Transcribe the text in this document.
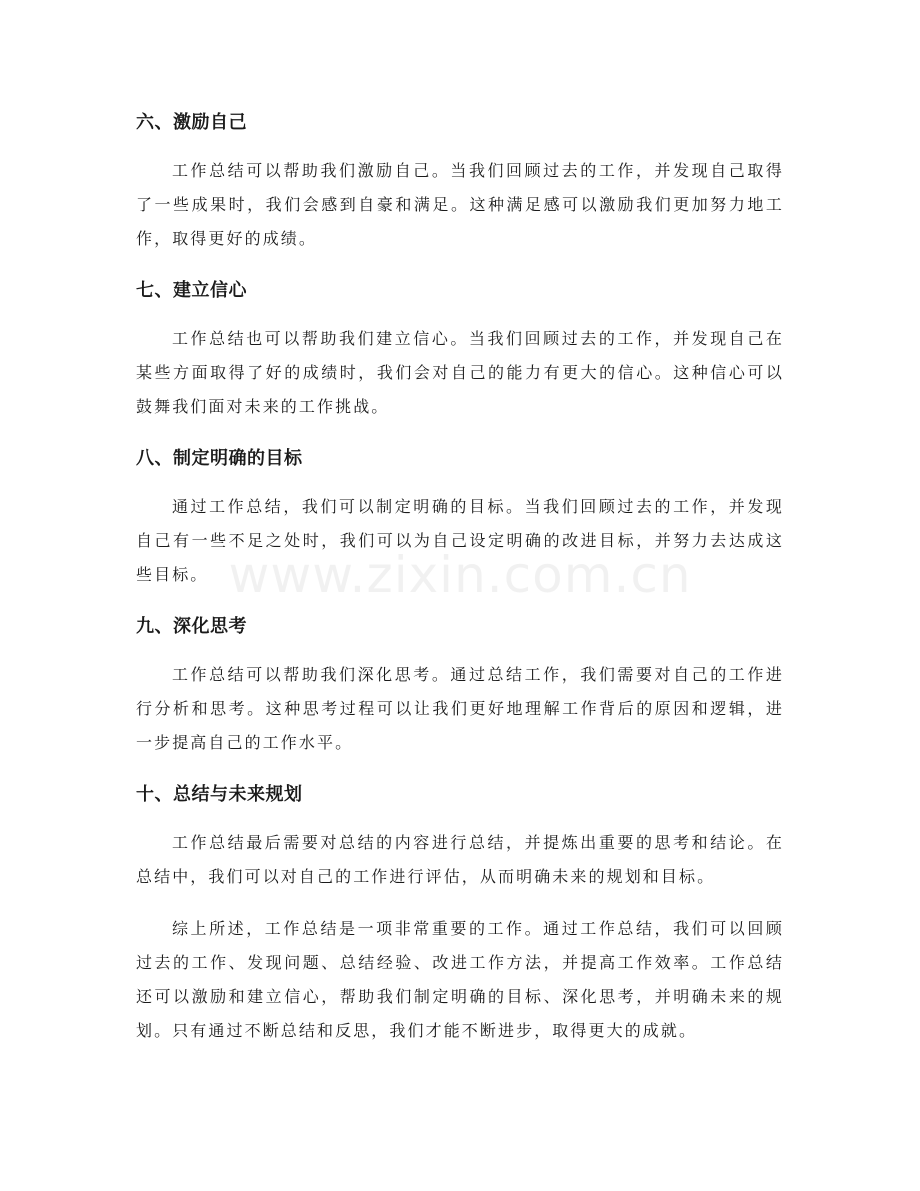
www.zixin.com.cn
六、激励自己

工作总结可以帮助我们激励自己。当我们回顾过去的工作，并发现自己取得了一些成果时，我们会感到自豪和满足。这种满足感可以激励我们更加努力地工作，取得更好的成绩。

七、建立信心

工作总结也可以帮助我们建立信心。当我们回顾过去的工作，并发现自己在某些方面取得了好的成绩时，我们会对自己的能力有更大的信心。这种信心可以鼓舞我们面对未来的工作挑战。

八、制定明确的目标

通过工作总结，我们可以制定明确的目标。当我们回顾过去的工作，并发现自己有一些不足之处时，我们可以为自己设定明确的改进目标，并努力去达成这些目标。

九、深化思考

工作总结可以帮助我们深化思考。通过总结工作，我们需要对自己的工作进行分析和思考。这种思考过程可以让我们更好地理解工作背后的原因和逻辑，进一步提高自己的工作水平。

十、总结与未来规划

工作总结最后需要对总结的内容进行总结，并提炼出重要的思考和结论。在总结中，我们可以对自己的工作进行评估，从而明确未来的规划和目标。

综上所述，工作总结是一项非常重要的工作。通过工作总结，我们可以回顾过去的工作、发现问题、总结经验、改进工作方法，并提高工作效率。工作总结还可以激励和建立信心，帮助我们制定明确的目标、深化思考，并明确未来的规划。只有通过不断总结和反思，我们才能不断进步，取得更大的成就。
